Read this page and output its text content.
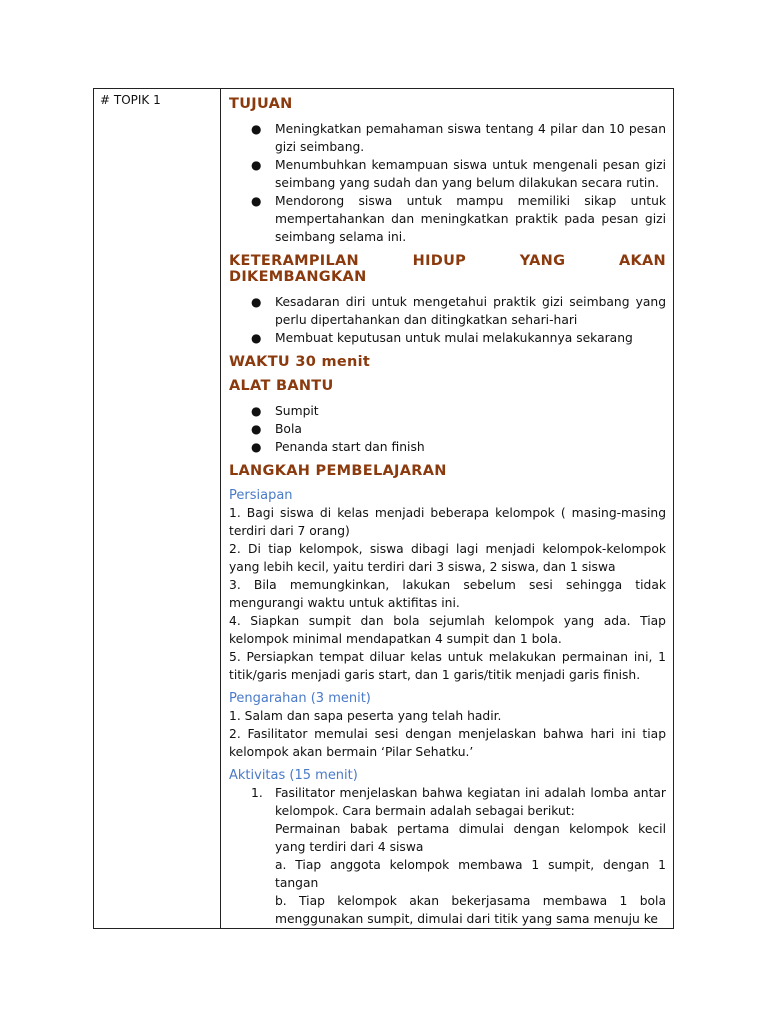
# TOPIK 1	TUJUAN
● Meningkatkan pemahaman siswa tentang 4 pilar dan 10 pesan gizi seimbang.
● Menumbuhkan kemampuan siswa untuk mengenali pesan gizi seimbang yang sudah dan yang belum dilakukan secara rutin.
● Mendorong siswa untuk mampu memiliki sikap untuk mempertahankan dan meningkatkan praktik pada pesan gizi seimbang selama ini.
KETERAMPILAN HIDUP YANG AKAN
DIKEMBANGKAN
● Kesadaran diri untuk mengetahui praktik gizi seimbang yang perlu dipertahankan dan ditingkatkan sehari-hari
● Membuat keputusan untuk mulai melakukannya sekarang
WAKTU 30 menit
ALAT BANTU
● Sumpit
● Bola
● Penanda start dan finish
LANGKAH PEMBELAJARAN
Persiapan

1. Bagi siswa di kelas menjadi beberapa kelompok ( masing-masing terdiri dari 7 orang)

2. Di tiap kelompok, siswa dibagi lagi menjadi kelompok-kelompok yang lebih kecil, yaitu terdiri dari 3 siswa, 2 siswa, dan 1 siswa

3. Bila memungkinkan, lakukan sebelum sesi sehingga tidak mengurangi waktu untuk aktifitas ini.

4. Siapkan sumpit dan bola sejumlah kelompok yang ada. Tiap kelompok minimal mendapatkan 4 sumpit dan 1 bola.

5. Persiapkan tempat diluar kelas untuk melakukan permainan ini, 1 titik/garis menjadi garis start, dan 1 garis/titik menjadi garis finish.

Pengarahan (3 menit)

1. Salam dan sapa peserta yang telah hadir.

2. Fasilitator memulai sesi dengan menjelaskan bahwa hari ini tiap kelompok akan bermain ‘Pilar Sehatku.’

Aktivitas (15 menit)
1. Fasilitator menjelaskan bahwa kegiatan ini adalah lomba antar kelompok. Cara bermain adalah sebagai berikut:

Permainan babak pertama dimulai dengan kelompok kecil yang terdiri dari 4 siswa

a. Tiap anggota kelompok membawa 1 sumpit, dengan 1 tangan

b. Tiap kelompok akan bekerjasama membawa 1 bola menggunakan sumpit, dimulai dari titik yang sama menuju ke
